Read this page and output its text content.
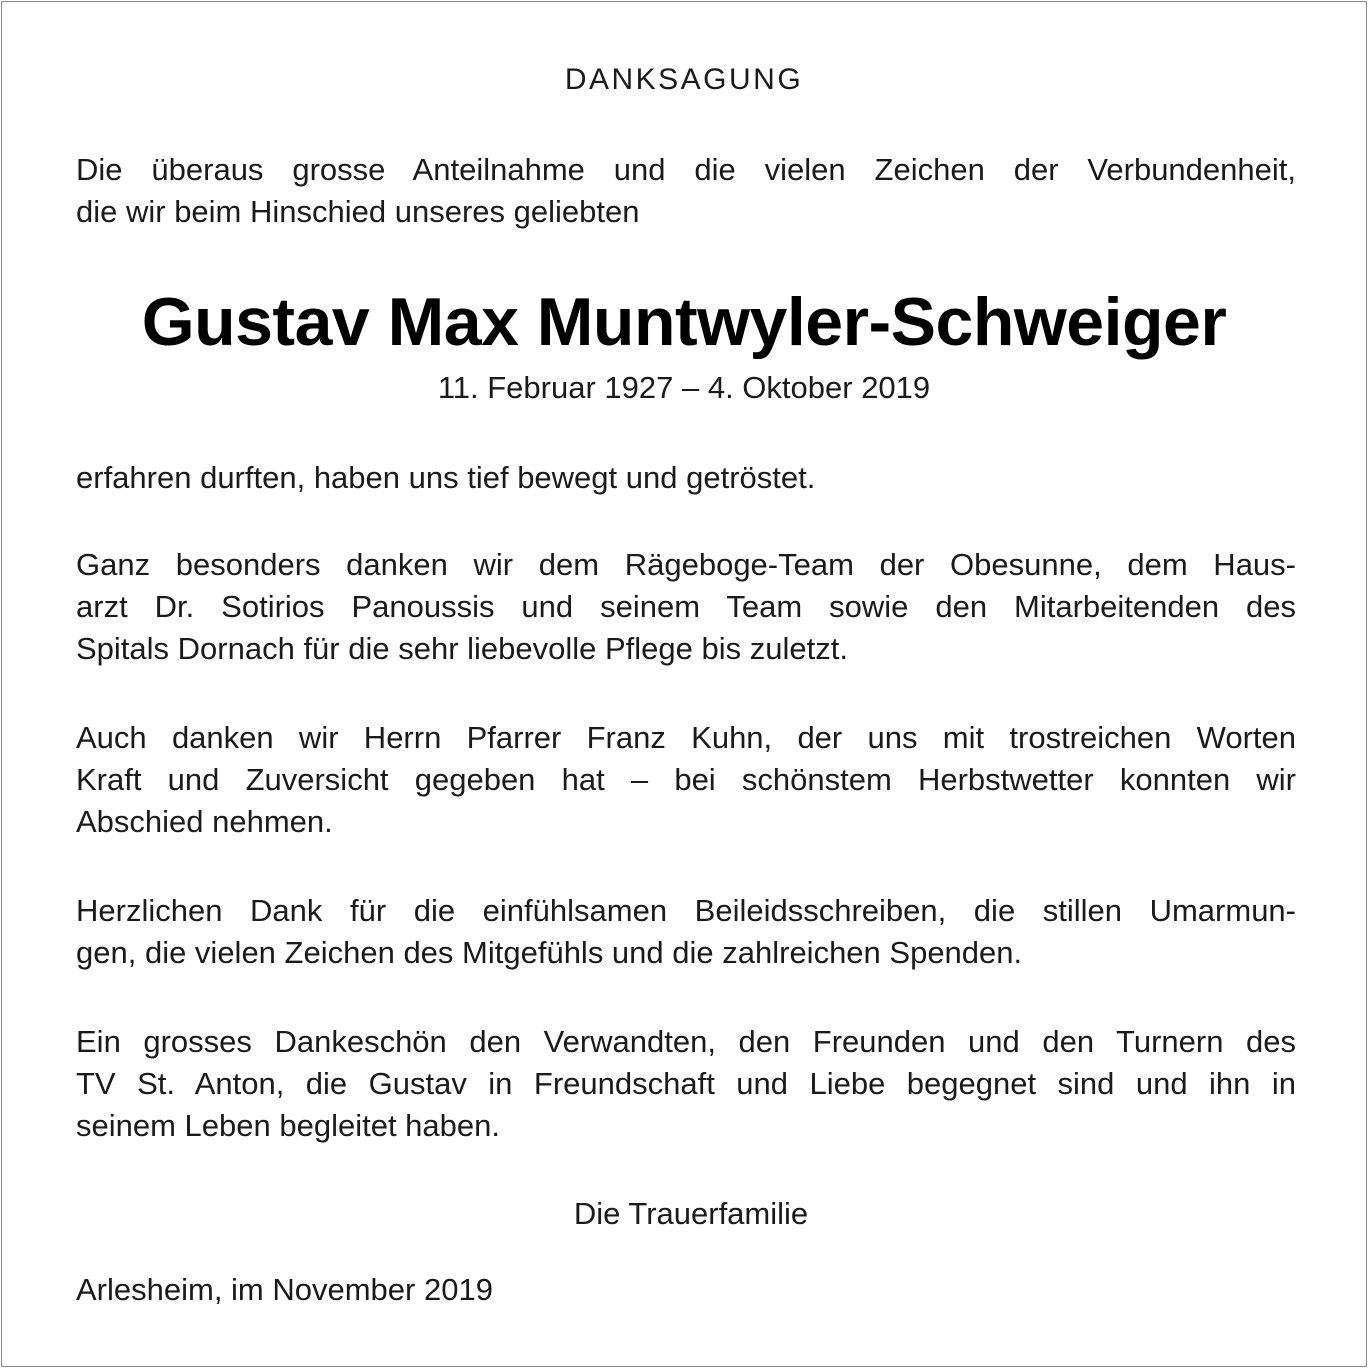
DANKSAGUNG
Die überaus grosse Anteilnahme und die vielen Zeichen der Verbundenheit,
die wir beim Hinschied unseres geliebten
Gustav Max Muntwyler-Schweiger
11. Februar 1927 – 4. Oktober 2019
erfahren durften, haben uns tief bewegt und getröstet.
Ganz besonders danken wir dem Rägeboge-Team der Obesunne, dem Haus-
arzt Dr. Sotirios Panoussis und seinem Team sowie den Mitarbeitenden des
Spitals Dornach für die sehr liebevolle Pflege bis zuletzt.
Auch danken wir Herrn Pfarrer Franz Kuhn, der uns mit trostreichen Worten
Kraft und Zuversicht gegeben hat – bei schönstem Herbstwetter konnten wir
Abschied nehmen.
Herzlichen Dank für die einfühlsamen Beileidsschreiben, die stillen Umarmun-
gen, die vielen Zeichen des Mitgefühls und die zahlreichen Spenden.
Ein grosses Dankeschön den Verwandten, den Freunden und den Turnern des
TV St. Anton, die Gustav in Freundschaft und Liebe begegnet sind und ihn in
seinem Leben begleitet haben.
Die Trauerfamilie
Arlesheim, im November 2019
